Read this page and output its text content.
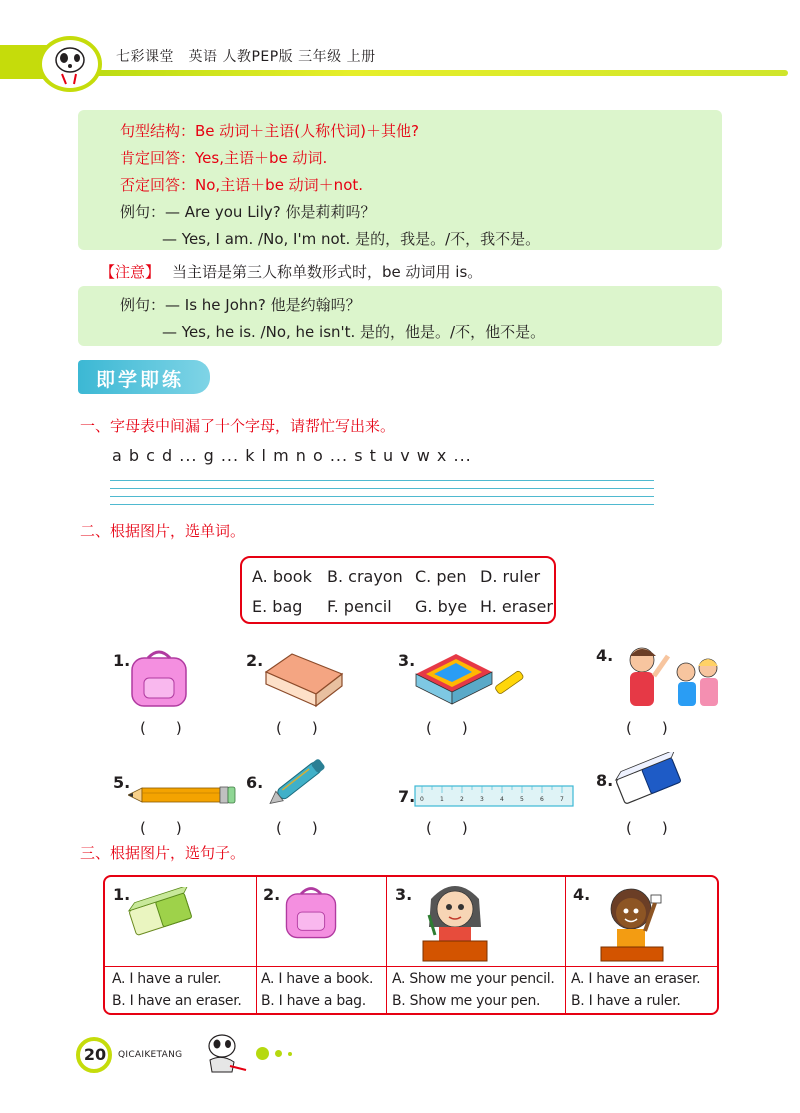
七彩课堂　英语 人教PEP版 三年级 上册
句型结构：Be 动词＋主语(人称代词)＋其他?
肯定回答：Yes,主语＋be 动词.
否定回答：No,主语＋be 动词＋not.
例句：— Are you Lily? 你是莉莉吗？
— Yes, I am. /No, I'm not. 是的，我是。/不，我不是。
【注意】 当主语是第三人称单数形式时，be 动词用 is。
例句：— Is he John? 他是约翰吗？
— Yes, he is. /No, he isn't. 是的，他是。/不，他不是。
即学即练
一、字母表中间漏了十个字母，请帮忙写出来。
a b c d ... g ... k l m n o ... s t u v w x ...
二、根据图片，选单词。
A. book B. crayon C. pen D. ruler
E. bag F. pencil G. bye H. eraser
1.
(　　)
2.
(　　)
3.
(　　)
4.
(　　)
5.
(　　)
6.
(　　)
7. 0	1	2	3	4	5	6	7
(　　)
8.
(　　)
三、根据图片，选句子。
1.
A. I have a ruler.
B. I have an eraser.
2.
A. I have a book.
B. I have a bag.
3.
A. Show me your pencil.
B. Show me your pen.
4.
A. I have an eraser.
B. I have a ruler.
20 QICAIKETANG
